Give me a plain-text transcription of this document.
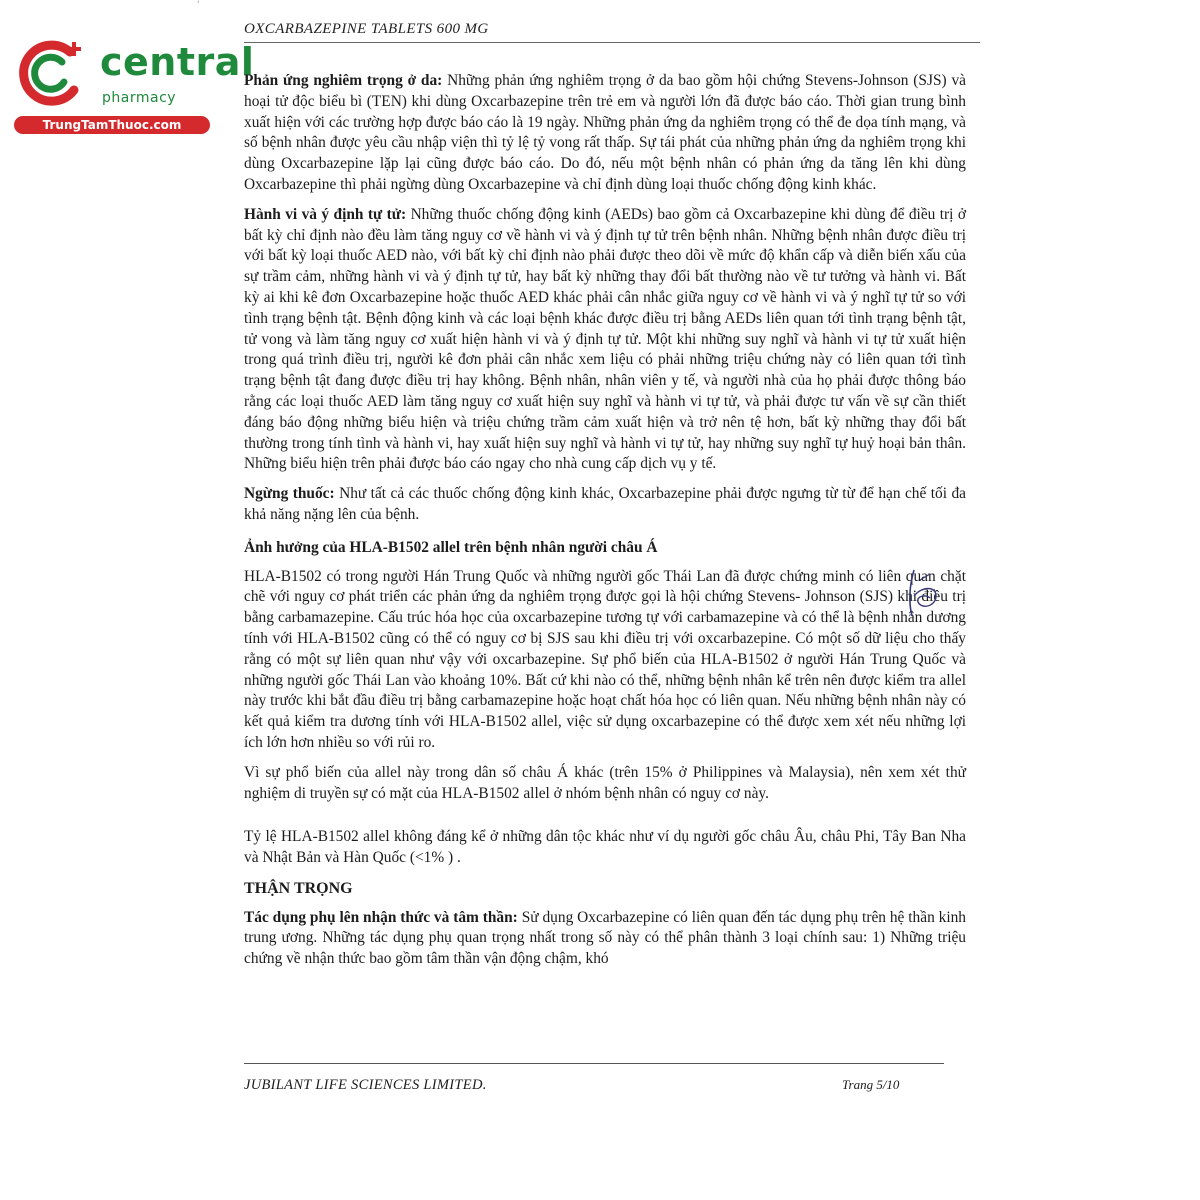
central
pharmacy
TrungTamThuoc.com
'
OXCARBAZEPINE TABLETS 600 MG

Phản ứng nghiêm trọng ở da: Những phản ứng nghiêm trọng ở da bao gồm hội chứng Stevens-Johnson (SJS) và hoại tử độc biểu bì (TEN) khi dùng Oxcarbazepine trên trẻ em và người lớn đã được báo cáo. Thời gian trung bình xuất hiện với các trường hợp được báo cáo là 19 ngày. Những phản ứng da nghiêm trọng có thể đe dọa tính mạng, và số bệnh nhân được yêu cầu nhập viện thì tỷ lệ tỷ vong rất thấp. Sự tái phát của những phản ứng da nghiêm trọng khi dùng Oxcarbazepine lặp lại cũng được báo cáo. Do đó, nếu một bệnh nhân có phản ứng da tăng lên khi dùng Oxcarbazepine thì phải ngừng dùng Oxcarbazepine và chỉ định dùng loại thuốc chống động kinh khác.

Hành vi và ý định tự tử: Những thuốc chống động kinh (AEDs) bao gồm cả Oxcarbazepine khi dùng để điều trị ở bất kỳ chỉ định nào đều làm tăng nguy cơ về hành vi và ý định tự tử trên bệnh nhân. Những bệnh nhân được điều trị với bất kỳ loại thuốc AED nào, với bất kỳ chỉ định nào phải được theo dõi về mức độ khẩn cấp và diễn biến xấu của sự trầm cảm, những hành vi và ý định tự tử, hay bất kỳ những thay đổi bất thường nào về tư tưởng và hành vi. Bất kỳ ai khi kê đơn Oxcarbazepine hoặc thuốc AED khác phải cân nhắc giữa nguy cơ về hành vi và ý nghĩ tự tử so với tình trạng bệnh tật. Bệnh động kinh và các loại bệnh khác được điều trị bằng AEDs liên quan tới tình trạng bệnh tật, tử vong và làm tăng nguy cơ xuất hiện hành vi và ý định tự tử. Một khi những suy nghĩ và hành vi tự tử xuất hiện trong quá trình điều trị, người kê đơn phải cân nhắc xem liệu có phải những triệu chứng này có liên quan tới tình trạng bệnh tật đang được điều trị hay không. Bệnh nhân, nhân viên y tế, và người nhà của họ phải được thông báo rằng các loại thuốc AED làm tăng nguy cơ xuất hiện suy nghĩ và hành vi tự tử, và phải được tư vấn về sự cần thiết đáng báo động những biểu hiện và triệu chứng trầm cảm xuất hiện và trở nên tệ hơn, bất kỳ những thay đổi bất thường trong tính tình và hành vi, hay xuất hiện suy nghĩ và hành vi tự tử, hay những suy nghĩ tự huỷ hoại bản thân. Những biểu hiện trên phải được báo cáo ngay cho nhà cung cấp dịch vụ y tế.

Ngừng thuốc: Như tất cả các thuốc chống động kinh khác, Oxcarbazepine phải được ngưng từ từ để hạn chế tối đa khả năng nặng lên của bệnh.

Ảnh hưởng của HLA-B1502 allel trên bệnh nhân người châu Á

HLA-B1502 có trong người Hán Trung Quốc và những người gốc Thái Lan đã được chứng minh có liên quan chặt chẽ với nguy cơ phát triển các phản ứng da nghiêm trọng được gọi là hội chứng Stevens- Johnson (SJS) khi điều trị bằng carbamazepine. Cấu trúc hóa học của oxcarbazepine tương tự với carbamazepine và có thể là bệnh nhân dương tính với HLA-B1502 cũng có thể có nguy cơ bị SJS sau khi điều trị với oxcarbazepine. Có một số dữ liệu cho thấy rằng có một sự liên quan như vậy với oxcarbazepine. Sự phổ biến của HLA-B1502 ở người Hán Trung Quốc và những người gốc Thái Lan vào khoảng 10%. Bất cứ khi nào có thể, những bệnh nhân kể trên nên được kiểm tra allel này trước khi bắt đầu điều trị bằng carbamazepine hoặc hoạt chất hóa học có liên quan. Nếu những bệnh nhân này có kết quả kiểm tra dương tính với HLA-B1502 allel, việc sử dụng oxcarbazepine có thể được xem xét nếu những lợi ích lớn hơn nhiều so với rủi ro.

Vì sự phổ biến của allel này trong dân số châu Á khác (trên 15% ở Philippines và Malaysia), nên xem xét thử nghiệm di truyền sự có mặt của HLA-B1502 allel ở nhóm bệnh nhân có nguy cơ này.

Tỷ lệ HLA-B1502 allel không đáng kể ở những dân tộc khác như ví dụ người gốc châu Âu, châu Phi, Tây Ban Nha và Nhật Bản và Hàn Quốc (<1% ) .

THẬN TRỌNG

Tác dụng phụ lên nhận thức và tâm thần: Sử dụng Oxcarbazepine có liên quan đến tác dụng phụ trên hệ thần kinh trung ương. Những tác dụng phụ quan trọng nhất trong số này có thể phân thành 3 loại chính sau: 1) Những triệu chứng về nhận thức bao gồm tâm thần vận động chậm, khó

JUBILANT LIFE SCIENCES LIMITED.	Trang 5/10
